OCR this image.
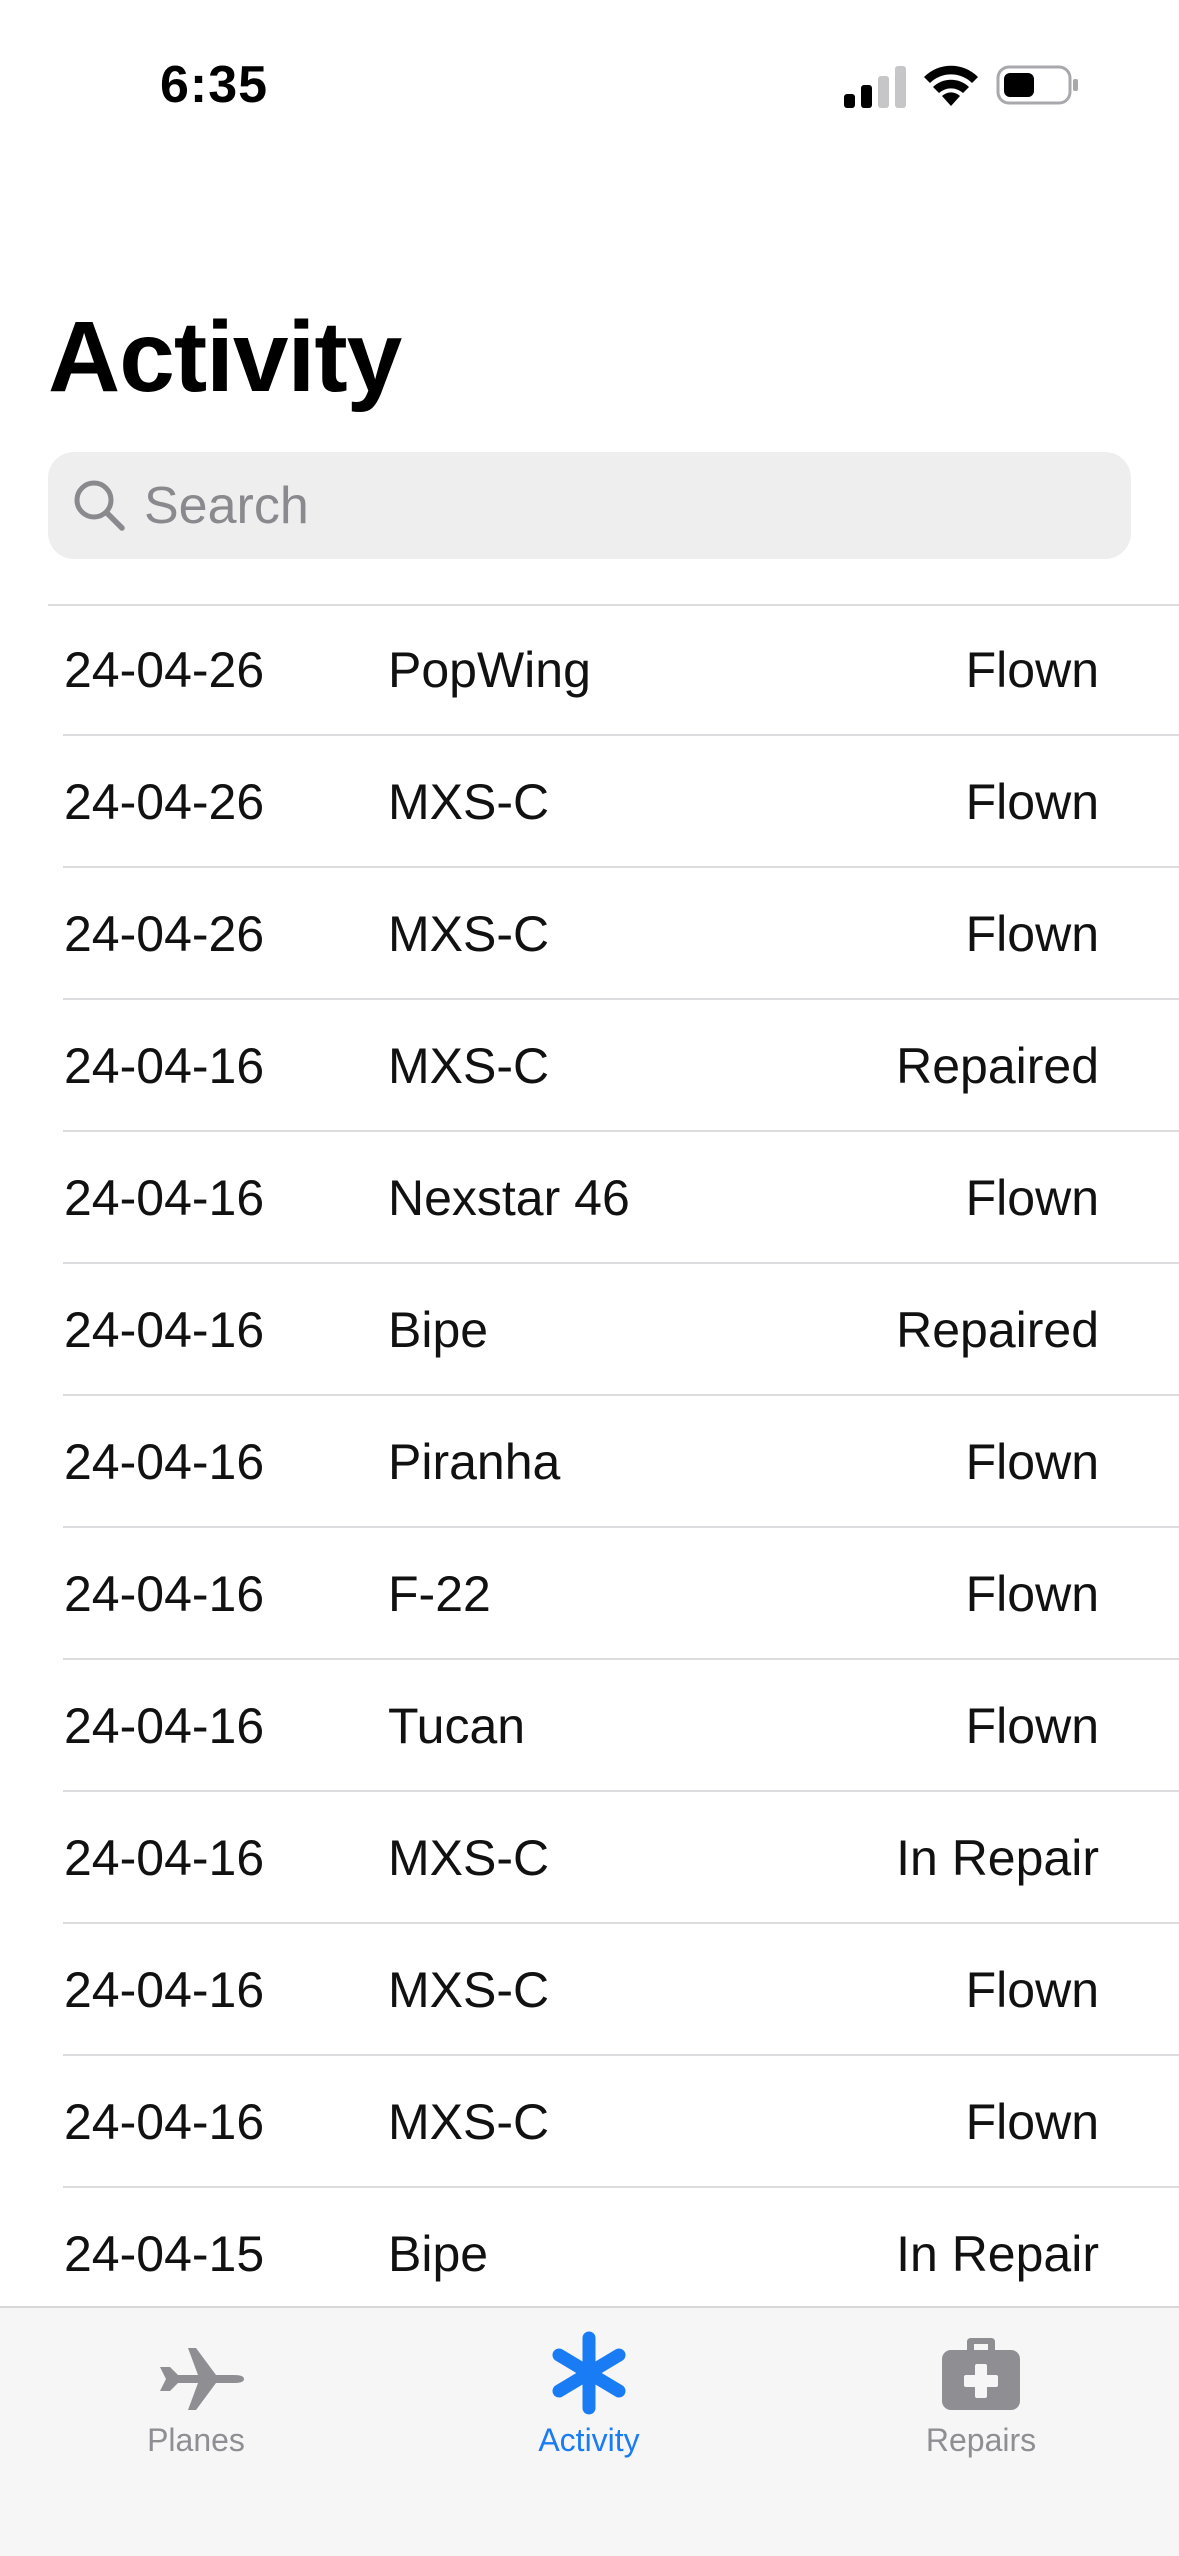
6:35
Activity
Search
24-04-26 PopWing	Flown
24-04-26 MXS-C	Flown
24-04-26 MXS-C	Flown
24-04-16 MXS-C	Repaired
24-04-16 Nexstar 46	Flown
24-04-16 Bipe	Repaired
24-04-16 Piranha	Flown
24-04-16 F-22	Flown
24-04-16 Tucan	Flown
24-04-16 MXS-C	In Repair
24-04-16 MXS-C	Flown
24-04-16 MXS-C	Flown
24-04-15 Bipe	In Repair
Planes	Activity	Repairs
